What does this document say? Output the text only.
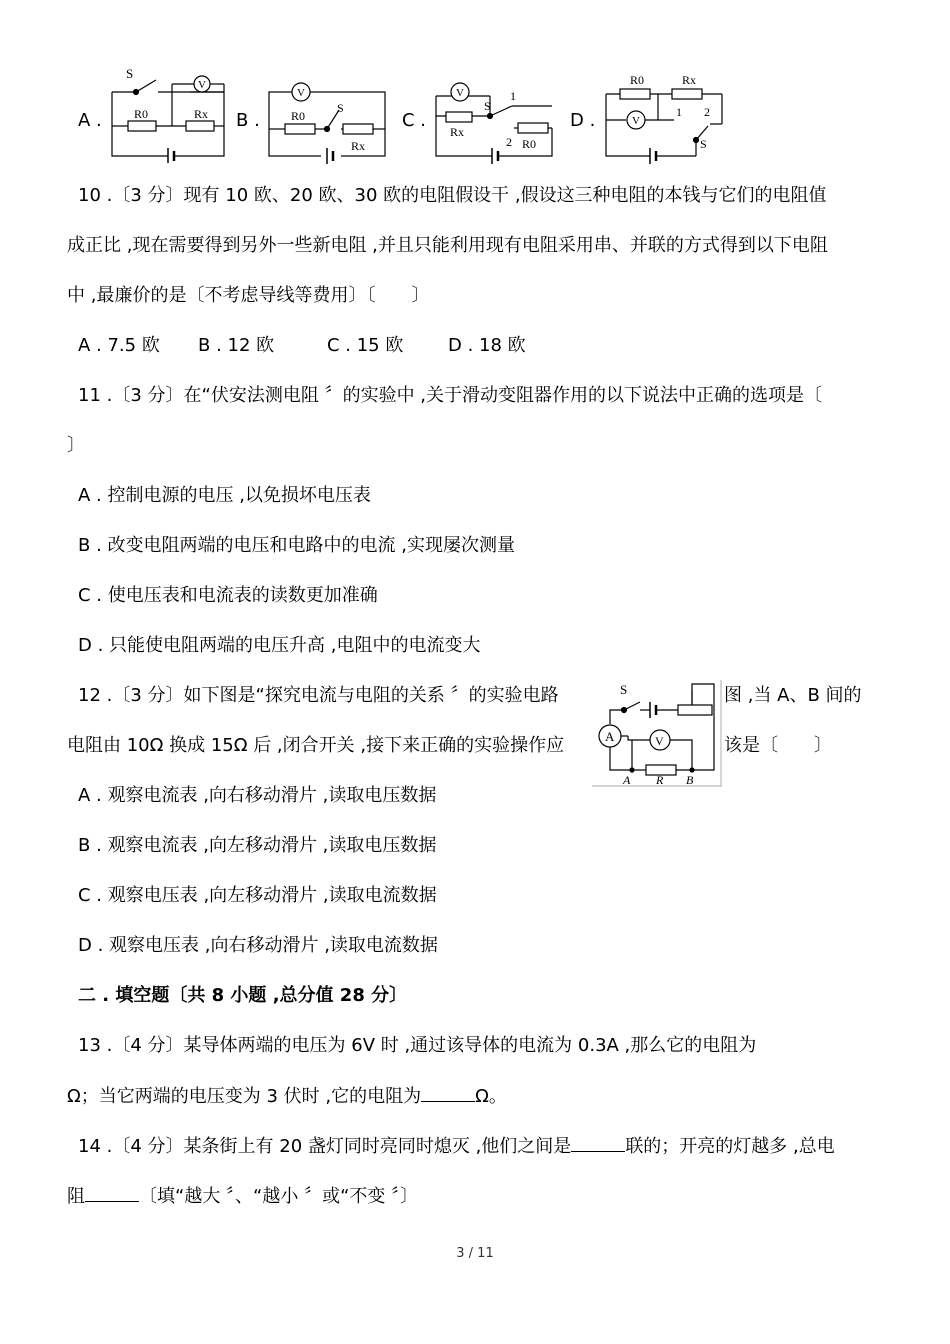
A .	B .	C .	D .
S
V
R0	Rx
V
R0
S
Rx
V
S
1
Rx
2 R0
R0	Rx
V
1 2
S
10 .〔3 分〕现有 10 欧、20 欧、30 欧的电阻假设干 ,假设这三种电阻的本钱与它们的电阻值
成正比 ,现在需要得到另外一些新电阻 ,并且只能利用现有电阻采用串、并联的方式得到以下电阻
中 ,最廉价的是〔不考虑导线等费用〕〔　　〕
A . 7.5 欧 B . 12 欧	C . 15 欧 D . 18 欧
11 .〔3 分〕在“伏安法测电阻 〞的实验中 ,关于滑动变阻器作用的以下说法中正确的选项是〔
〕
A . 控制电源的电压 ,以免损坏电压表
B . 改变电阻两端的电压和电路中的电流 ,实现屡次测量
C . 使电压表和电流表的读数更加准确
D . 只能使电阻两端的电压升高 ,电阻中的电流变大
12 .〔3 分〕如下图是“探究电流与电阻的关系 〞的实验电路	图 ,当 A、B 间的
电阻由 10Ω 换成 15Ω 后 ,闭合开关 ,接下来正确的实验操作应	该是〔　　〕
S
A	V
A R B
A . 观察电流表 ,向右移动滑片 ,读取电压数据
B . 观察电流表 ,向左移动滑片 ,读取电压数据
C . 观察电压表 ,向左移动滑片 ,读取电流数据
D . 观察电压表 ,向右移动滑片 ,读取电流数据
二 . 填空题〔共 8 小题 ,总分值 28 分〕
13 .〔4 分〕某导体两端的电压为 6V 时 ,通过该导体的电流为 0.3A ,那么它的电阻为
Ω；当它两端的电压变为 3 伏时 ,它的电阻为	Ω。
14 .〔4 分〕某条街上有 20 盏灯同时亮同时熄灭 ,他们之间是	联的；开亮的灯越多 ,总电
阻	〔填“越大 〞、“越小 〞或“不变 〞〕
3 / 11
